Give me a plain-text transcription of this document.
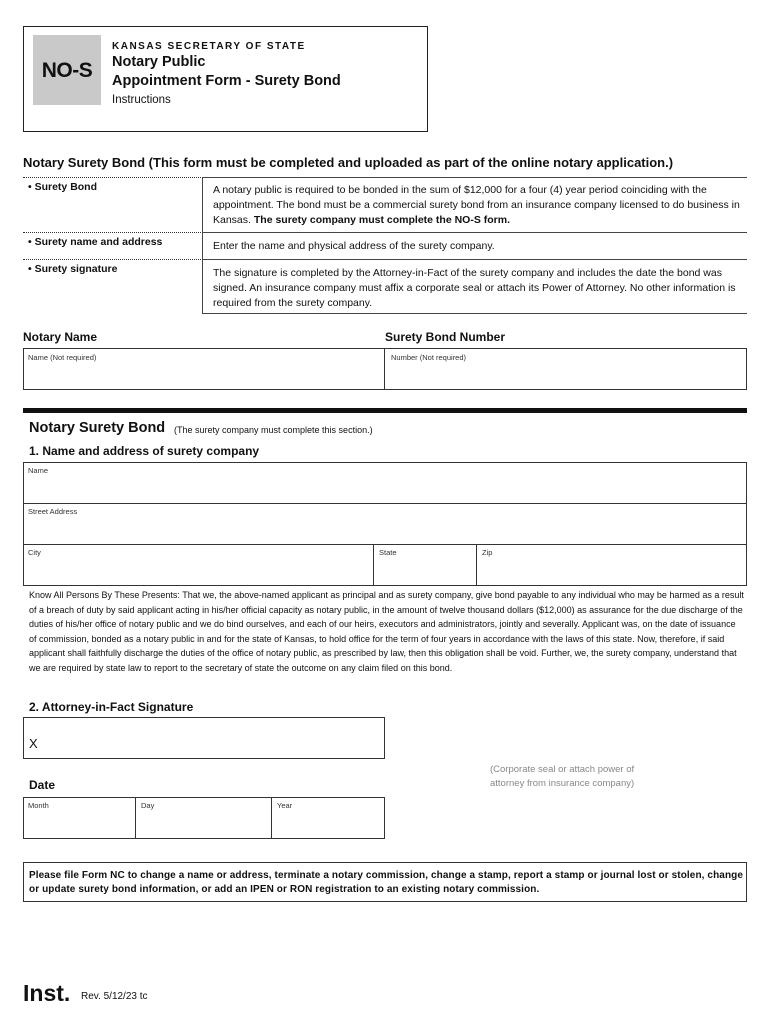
NO-S
KANSAS SECRETARY OF STATE
Notary Public
Appointment Form - Surety Bond
Instructions
Notary Surety Bond (This form must be completed and uploaded as part of the online notary application.)
• Surety Bond	A notary public is required to be bonded in the sum of $12,000 for a four (4) year period coinciding with the appointment. The bond must be a commercial surety bond from an insurance company licensed to do business in Kansas. The surety company must complete the NO-S form.
• Surety name and address	Enter the name and physical address of the surety company.
• Surety signature	The signature is completed by the Attorney-in-Fact of the surety company and includes the date the bond was signed. An insurance company must affix a corporate seal or attach its Power of Attorney. No other information is required from the surety company.
Notary Name	Surety Bond Number
Name (Not required)	Number (Not required)
Notary Surety Bond (The surety company must complete this section.)
1. Name and address of surety company
Name
Street Address
City	State	Zip
Know All Persons By These Presents: That we, the above-named applicant as principal and as surety company, give bond payable to any individual who may be harmed as a result of a breach of duty by said applicant acting in his/her official capacity as notary public, in the amount of twelve thousand dollars ($12,000) as assurance for the due discharge of the duties of his/her office of notary public and we do bind ourselves, and each of our heirs, executors and administrators, jointly and severally. Applicant was, on the date of issuance of commission, bonded as a notary public in and for the state of Kansas, to hold office for the term of four years in accordance with the laws of this state. Now, therefore, if said applicant shall faithfully discharge the duties of the office of notary public, as prescribed by law, then this obligation shall be void. Further, we, the surety company, understand that we are required by state law to report to the secretary of state the outcome on any claim filed on this bond.
2. Attorney-in-Fact Signature
X
(Corporate seal or attach power of attorney from insurance company)
Date
Month	Day	Year
Please file Form NC to change a name or address, terminate a notary commission, change a stamp, report a stamp or journal lost or stolen, change or update surety bond information, or add an IPEN or RON registration to an existing notary commission.
Inst. Rev. 5/12/23 tc
